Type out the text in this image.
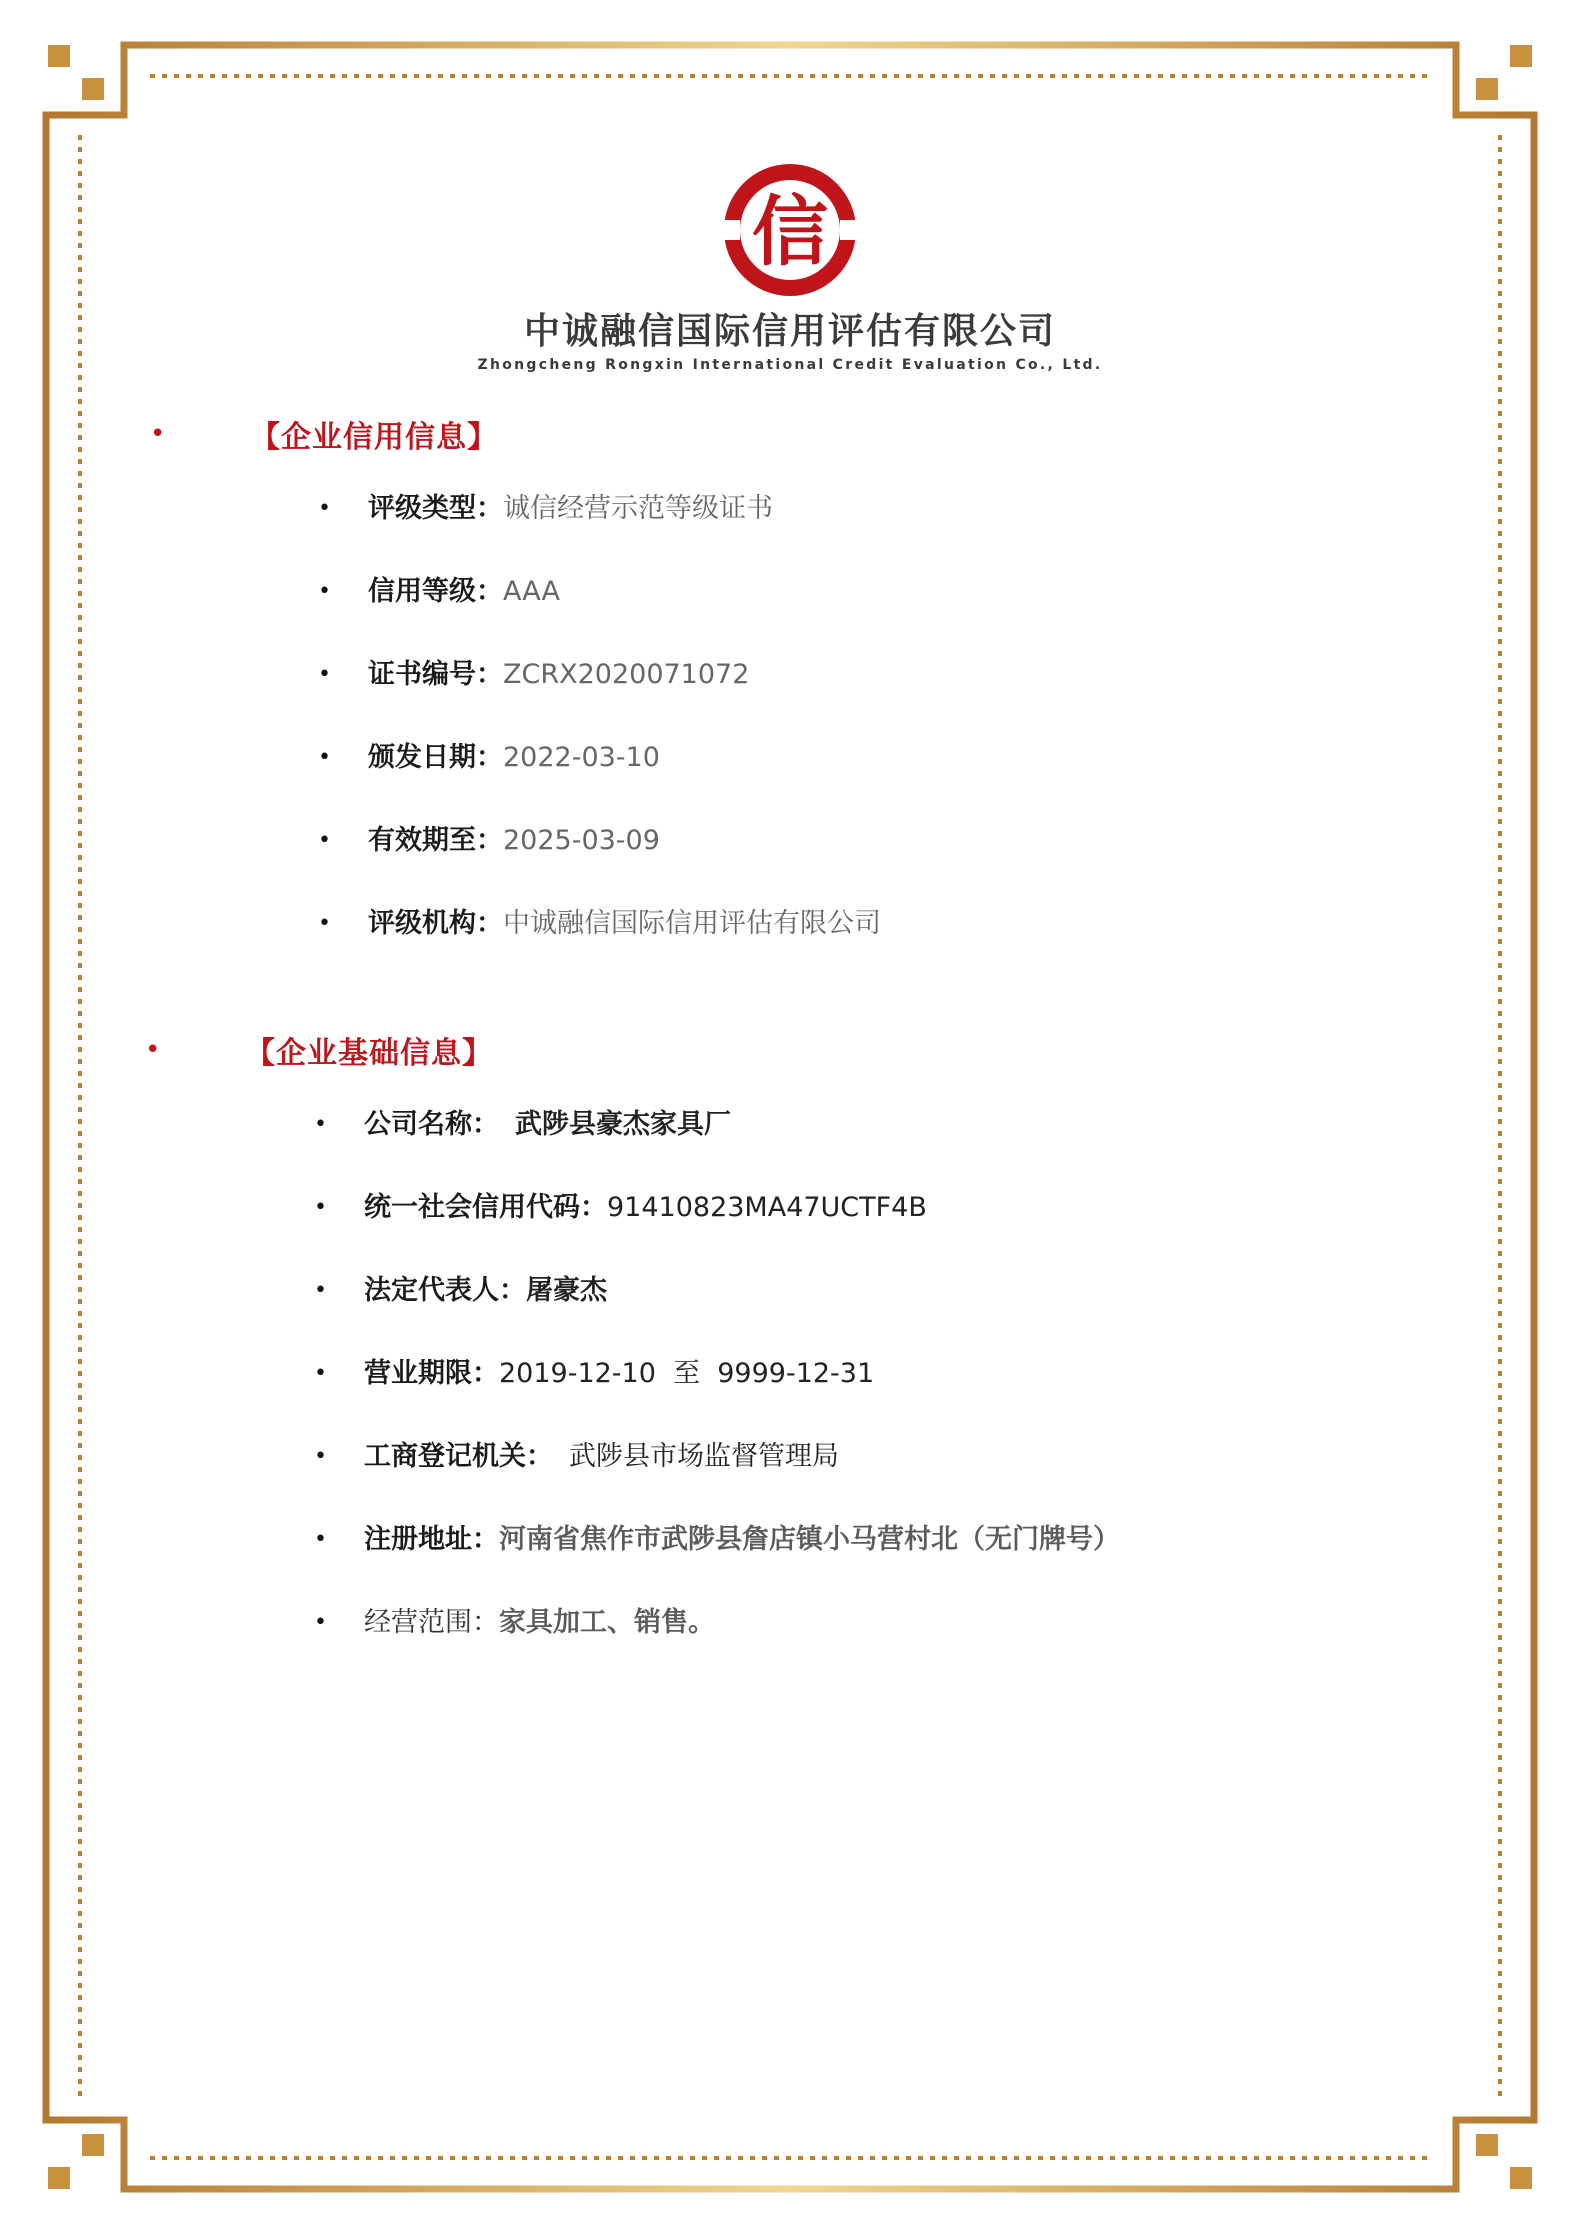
信
中诚融信国际信用评估有限公司
Zhongcheng Rongxin International Credit Evaluation Co., Ltd.
•	【企业信用信息】
•	评级类型： 诚信经营示范等级证书
•	信用等级： AAA
•	证书编号： ZCRX2020071072
•	颁发日期： 2022-03-10
•	有效期至： 2025-03-09
•	评级机构： 中诚融信国际信用评估有限公司
•	【企业基础信息】
•	公司名称： 武陟县豪杰家具厂
•	统一社会信用代码： 91410823MA47UCTF4B
•	法定代表人： 屠豪杰
•	营业期限： 2019-12-10  至  9999-12-31
•	工商登记机关： 武陟县市场监督管理局
•	注册地址： 河南省焦作市武陟县詹店镇小马营村北（无门牌号）
•	经营范围： 家具加工、销售。
